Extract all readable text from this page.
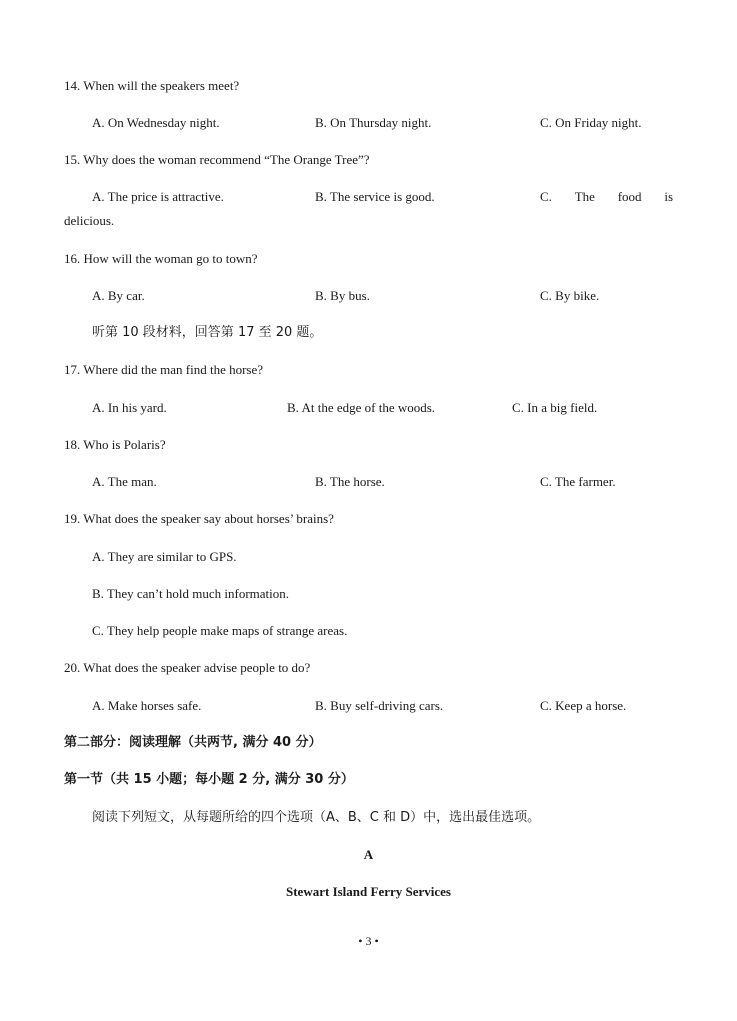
14. When will the speakers meet?
A. On Wednesday night.	B. On Thursday night.	C. On Friday night.
15. Why does the woman recommend “The Orange Tree”?
A. The price is attractive.	B. The service is good.	C. The food is
delicious.
16. How will the woman go to town?
A. By car.	B. By bus.	C. By bike.
听第 10 段材料，回答第 17 至 20 题。
17. Where did the man find the horse?
A. In his yard.	B. At the edge of the woods.	C. In a big field.
18. Who is Polaris?
A. The man.	B. The horse.	C. The farmer.
19. What does the speaker say about horses’ brains?
A. They are similar to GPS.
B. They can’t hold much information.
C. They help people make maps of strange areas.
20. What does the speaker advise people to do?
A. Make horses safe.	B. Buy self-driving cars.	C. Keep a horse.
第二部分：阅读理解（共两节, 满分 40 分）
第一节（共 15 小题；每小题 2 分, 满分 30 分）
阅读下列短文，从每题所给的四个选项（A、B、C 和 D）中，选出最佳选项。
A
Stewart Island Ferry Services
• 3 •
